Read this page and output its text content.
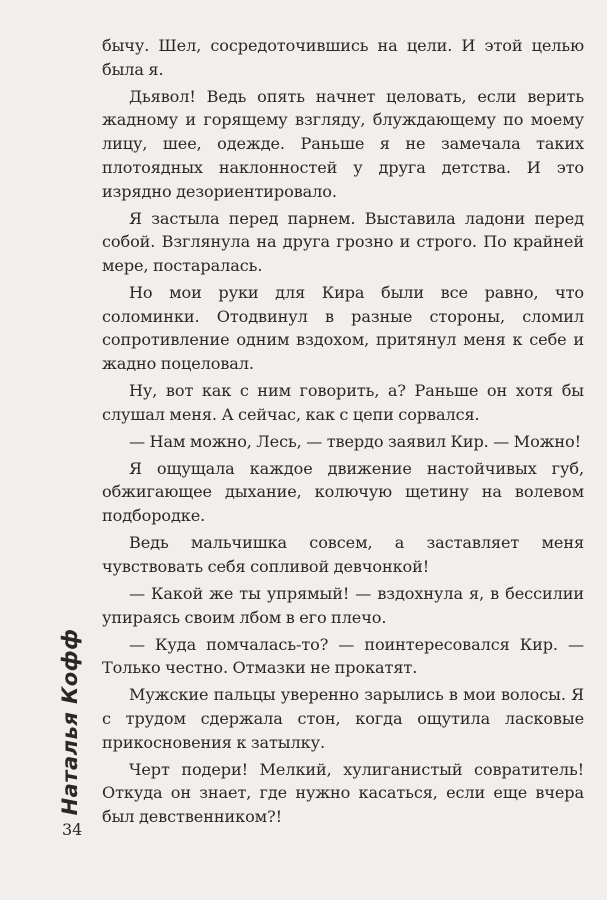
бычу. Шел, сосредоточившись на цели. И этой целью была я.

Дьявол! Ведь опять начнет целовать, если верить жадному и горящему взгляду, блуждающему по моему лицу, шее, одежде. Раньше я не замечала таких плотоядных наклонностей у друга детства. И это изрядно дезориентировало.

Я застыла перед парнем. Выставила ладони перед собой. Взглянула на друга грозно и строго. По крайней мере, постаралась.

Но мои руки для Кира были все равно, что соломинки. Отодвинул в разные стороны, сломил сопротивление одним вздохом, притянул меня к себе и жадно поцеловал.

Ну, вот как с ним говорить, а? Раньше он хотя бы слушал меня. А сейчас, как с цепи сорвался.

— Нам можно, Лесь, — твердо заявил Кир. — Можно!

Я ощущала каждое движение настойчивых губ, обжигающее дыхание, колючую щетину на волевом подбородке.

Ведь мальчишка совсем, а заставляет меня чувствовать себя сопливой девчонкой!

— Какой же ты упрямый! — вздохнула я, в бессилии упираясь своим лбом в его плечо.

— Куда помчалась-то? — поинтересовался Кир. — Только честно. Отмазки не прокатят.

Мужские пальцы уверенно зарылись в мои волосы. Я с трудом сдержала стон, когда ощутила ласковые прикосновения к затылку.

Черт подери! Мелкий, хулиганистый совратитель! Откуда он знает, где нужно касаться, если еще вчера был девственником?!

Наталья Кофф
34
